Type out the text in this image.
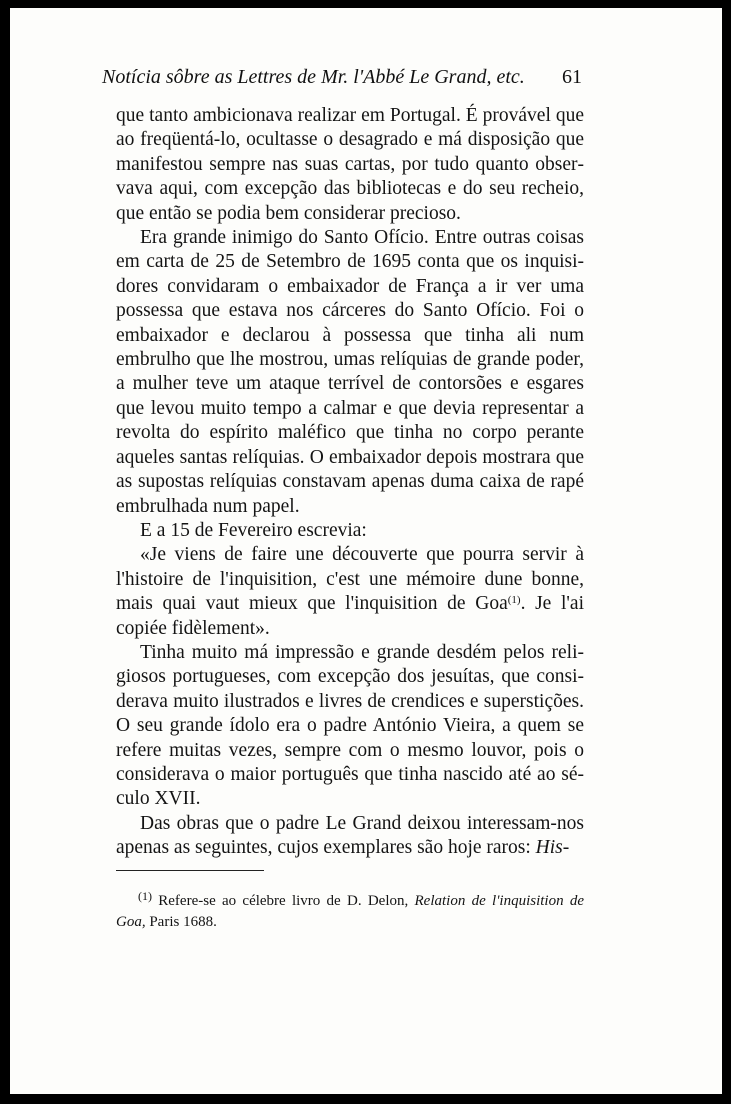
Notícia sôbre as Lettres de Mr. l'Abbé Le Grand, etc. 61

que tanto ambicionava realizar em Portugal. É provável que ao freqüentá-lo, ocultasse o desagrado e má disposição que manifestou sempre nas suas cartas, por tudo quanto observava aqui, com excepção das bibliotecas e do seu recheio, que então se podia bem considerar precioso.

Era grande inimigo do Santo Ofício. Entre outras coisas em carta de 25 de Setembro de 1695 conta que os inquisidores convidaram o embaixador de França a ir ver uma possessa que estava nos cárceres do Santo Ofício. Foi o embaixador e declarou à possessa que tinha ali num embrulho que lhe mostrou, umas relíquias de grande poder, a mulher teve um ataque terrível de contorsões e esgares que levou muito tempo a calmar e que devia representar a revolta do espírito maléfico que tinha no corpo perante aqueles santas relíquias. O embaixador depois mostrara que as supostas relíquias constavam apenas duma caixa de rapé embrulhada num papel.

E a 15 de Fevereiro escrevia:

«Je viens de faire une découverte que pourra servir à l'histoire de l'inquisition, c'est une mémoire dune bonne, mais quai vaut mieux que l'inquisition de Goa$^{(1)}$. Je l'ai copiée fidèlement».

Tinha muito má impressão e grande desdém pelos religiosos portugueses, com excepção dos jesuítas, que considerava muito ilustrados e livres de crendices e superstições. O seu grande ídolo era o padre António Vieira, a quem se refere muitas vezes, sempre com o mesmo louvor, pois o considerava o maior português que tinha nascido até ao século XVII.

Das obras que o padre Le Grand deixou interessam-nos apenas as seguintes, cujos exemplares são hoje raros: His-

$^{(1)}$ Refere-se ao célebre livro de D. Delon, Relation de l'inquisition de Goa, Paris 1688.
